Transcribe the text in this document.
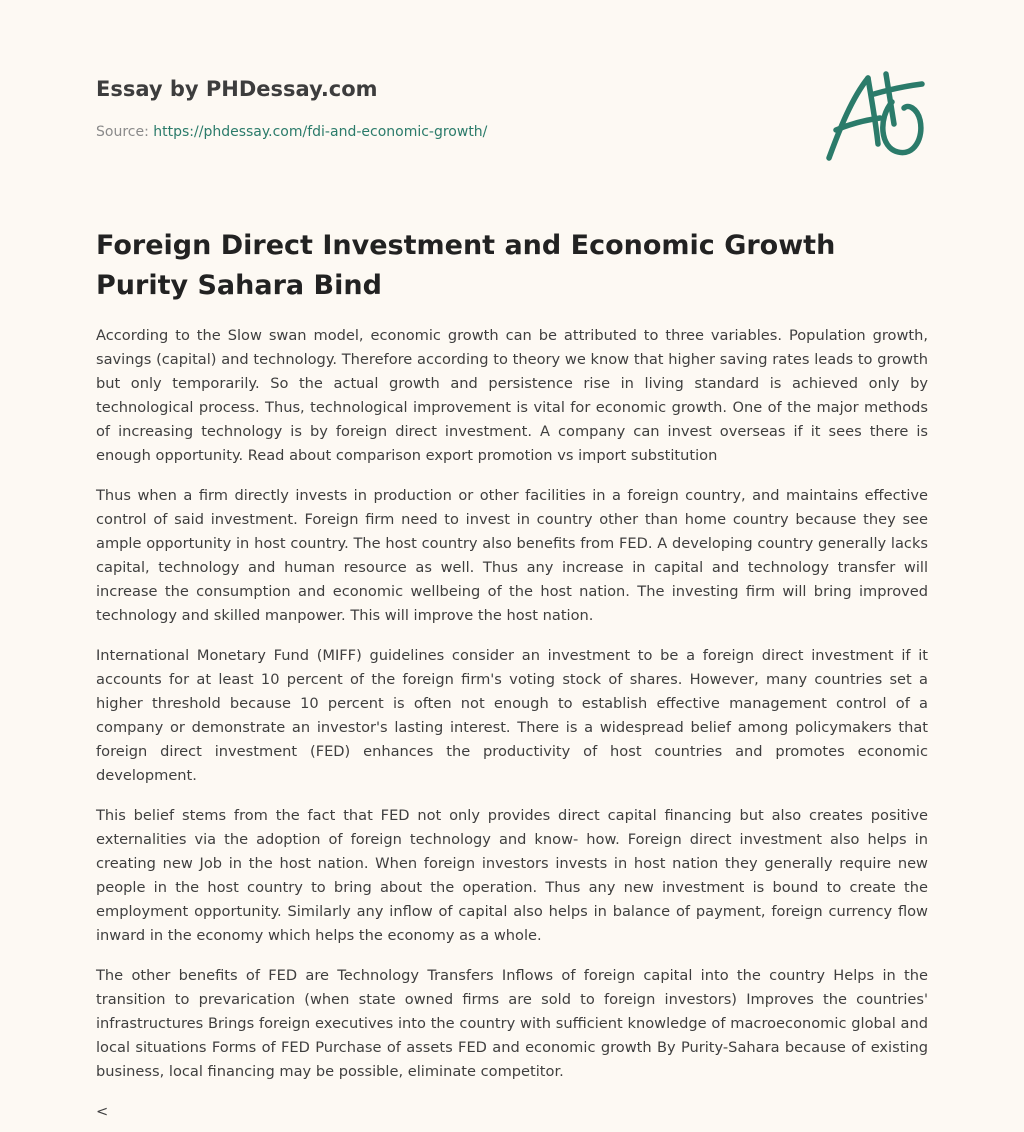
Essay by PHDessay.com

Source: https://phdessay.com/fdi-and-economic-growth/
Foreign Direct Investment and Economic Growth Purity Sahara Bind

According to the Slow swan model, economic growth can be attributed to three variables. Population growth, savings (capital) and technology. Therefore according to theory we know that higher saving rates leads to growth but only temporarily. So the actual growth and persistence rise in living standard is achieved only by technological process. Thus, technological improvement is vital for economic growth. One of the major methods of increasing technology is by foreign direct investment. A company can invest overseas if it sees there is enough opportunity. Read about comparison export promotion vs import substitution

Thus when a firm directly invests in production or other facilities in a foreign country, and maintains effective control of said investment. Foreign firm need to invest in country other than home country because they see ample opportunity in host country. The host country also benefits from FED. A developing country generally lacks capital, technology and human resource as well. Thus any increase in capital and technology transfer will increase the consumption and economic wellbeing of the host nation. The investing firm will bring improved technology and skilled manpower. This will improve the host nation.

International Monetary Fund (MIFF) guidelines consider an investment to be a foreign direct investment if it accounts for at least 10 percent of the foreign firm's voting stock of shares. However, many countries set a higher threshold because 10 percent is often not enough to establish effective management control of a company or demonstrate an investor's lasting interest. There is a widespread belief among policymakers that foreign direct investment (FED) enhances the productivity of host countries and promotes economic development.

This belief stems from the fact that FED not only provides direct capital financing but also creates positive externalities via the adoption of foreign technology and know- how. Foreign direct investment also helps in creating new Job in the host nation. When foreign investors invests in host nation they generally require new people in the host country to bring about the operation. Thus any new investment is bound to create the employment opportunity. Similarly any inflow of capital also helps in balance of payment, foreign currency flow inward in the economy which helps the economy as a whole.

The other benefits of FED are Technology Transfers Inflows of foreign capital into the country Helps in the transition to prevarication (when state owned firms are sold to foreign investors) Improves the countries' infrastructures Brings foreign executives into the country with sufficient knowledge of macroeconomic global and local situations Forms of FED Purchase of assets FED and economic growth By Purity-Sahara because of existing business, local financing may be possible, eliminate competitor.

<
